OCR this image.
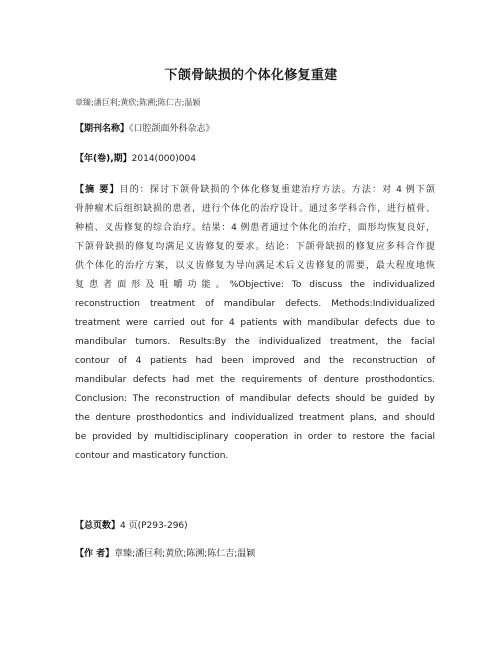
下颌骨缺损的个体化修复重建
章臻;潘巨利;黄欣;陈溯;陈仁吉;温颖
【期刊名称】《口腔颌面外科杂志》
【年(卷),期】2014(000)004
【摘 要】目的：探讨下颌骨缺损的个体化修复重建治疗方法。方法：对 4 例下颌
骨肿瘤术后组织缺损的患者，进行个体化的治疗设计。通过多学科合作，进行植骨、
种植、义齿修复的综合治疗。结果：4 例患者通过个体化的治疗，面形均恢复良好，
下颌骨缺损的修复均满足义齿修复的要求。结论：下颌骨缺损的修复应多科合作提
供个体化的治疗方案，以义齿修复为导向满足术后义齿修复的需要，最大程度地恢
复患者面形及咀嚼功能。%Objective: To discuss the individualized
reconstruction treatment of mandibular defects. Methods:Individualized
treatment were carried out for 4 patients with mandibular defects due to
mandibular tumors. Results:By the individualized treatment, the facial
contour of 4 patients had been improved and the reconstruction of
mandibular defects had met the requirements of denture prosthodontics.
Conclusion: The reconstruction of mandibular defects should be guided by
the denture prosthodontics and individualized treatment plans, and should
be provided by multidisciplinary cooperation in order to restore the facial
contour and masticatory function.
【总页数】4 页(P293-296)
【作 者】章臻;潘巨利;黄欣;陈溯;陈仁吉;温颖
